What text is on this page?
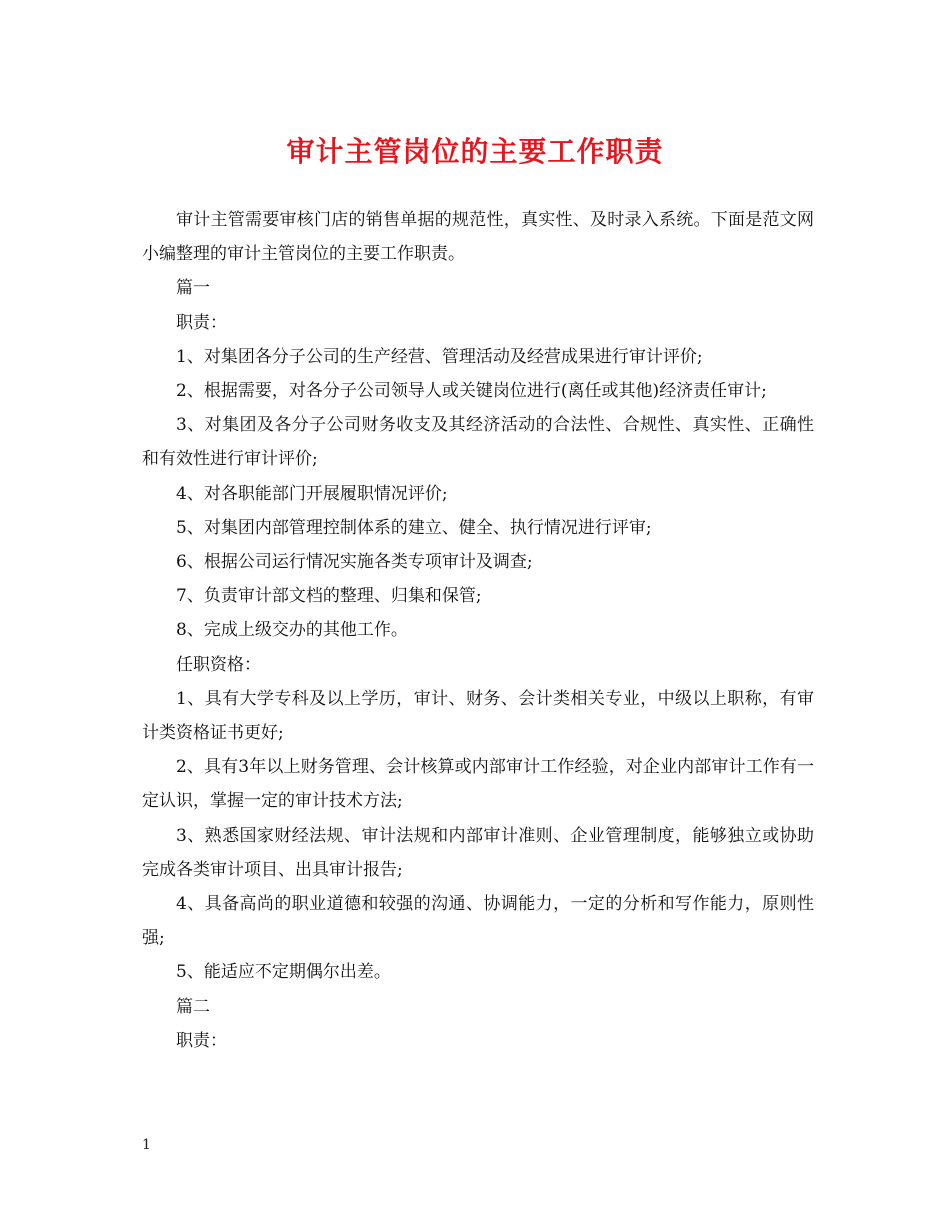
审计主管岗位的主要工作职责

审计主管需要审核门店的销售单据的规范性，真实性、及时录入系统。下面是范文网小编整理的审计主管岗位的主要工作职责。

篇一

职责：

1、对集团各分子公司的生产经营、管理活动及经营成果进行审计评价;

2、根据需要，对各分子公司领导人或关键岗位进行(离任或其他)经济责任审计;

3、对集团及各分子公司财务收支及其经济活动的合法性、合规性、真实性、正确性和有效性进行审计评价;

4、对各职能部门开展履职情况评价;

5、对集团内部管理控制体系的建立、健全、执行情况进行评审;

6、根据公司运行情况实施各类专项审计及调查;

7、负责审计部文档的整理、归集和保管;

8、完成上级交办的其他工作。

任职资格：

1、具有大学专科及以上学历，审计、财务、会计类相关专业，中级以上职称，有审计类资格证书更好;

2、具有3年以上财务管理、会计核算或内部审计工作经验，对企业内部审计工作有一定认识，掌握一定的审计技术方法;

3、熟悉国家财经法规、审计法规和内部审计准则、企业管理制度，能够独立或协助完成各类审计项目、出具审计报告;

4、具备高尚的职业道德和较强的沟通、协调能力，一定的分析和写作能力，原则性强;

5、能适应不定期偶尔出差。

篇二

职责：

1
